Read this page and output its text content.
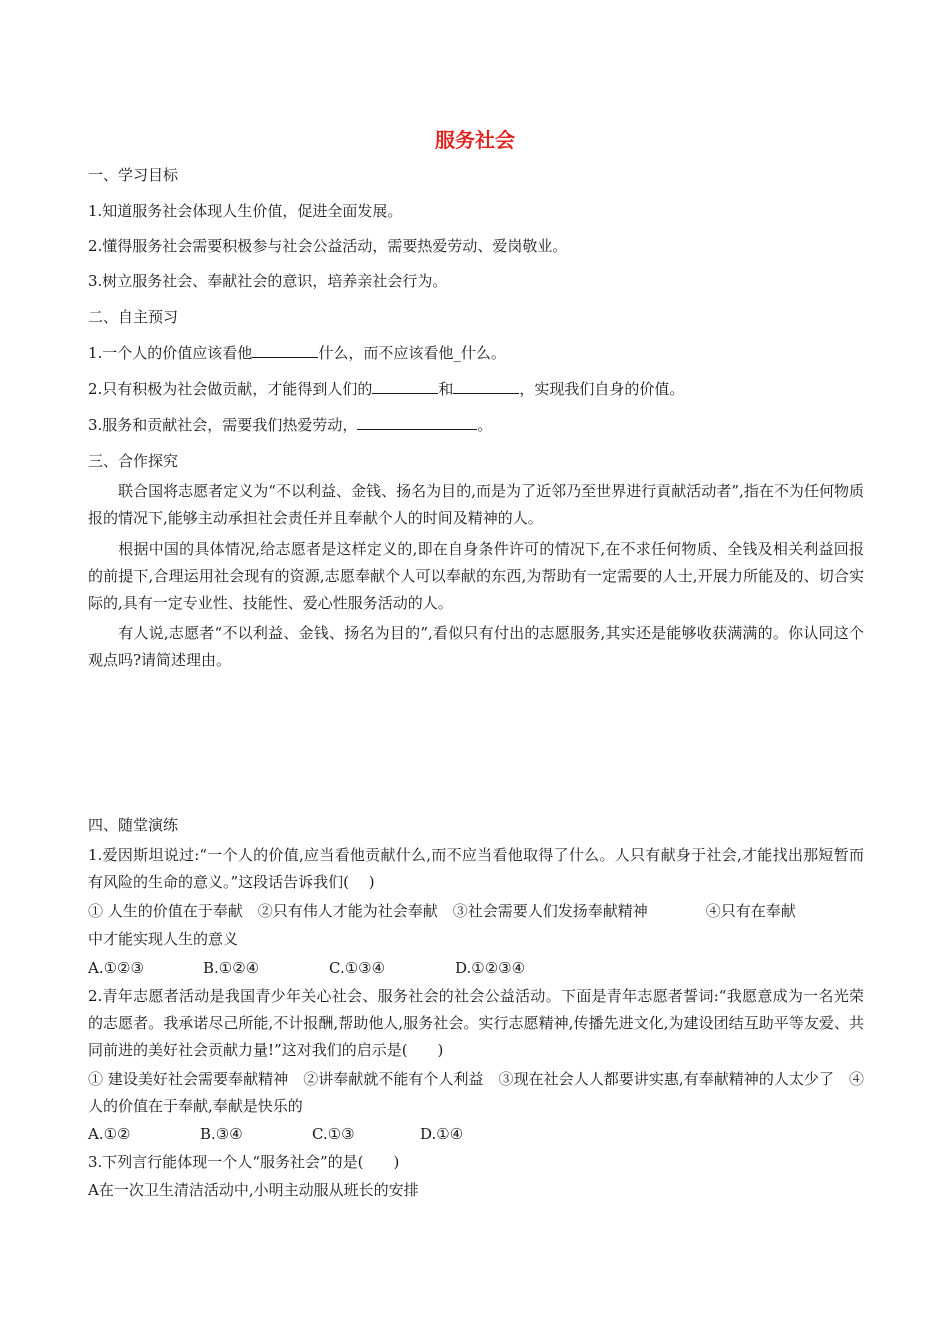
服务社会
一、学习目标
1.知道服务社会体现人生价值，促进全面发展。
2.懂得服务社会需要积极参与社会公益活动，需要热爱劳动、爱岗敬业。
3.树立服务社会、奉献社会的意识，培养亲社会行为。
二、自主预习
1.一个人的价值应该看他	什么，而不应该看他_什么。
2.只有积极为社会做贡献，才能得到人们的	和	，实现我们自身的价值。
3.服务和贡献社会，需要我们热爱劳动，	。
三、合作探究
联合国将志愿者定义为“不以利益、金钱、扬名为目的,而是为了近邻乃至世界进行貢献活动者”,指在不为任何物质报的情况下,能够主动承担社会责任并且奉献个人的时间及精神的人。
根据中国的具体情况,给志愿者是这样定义的,即在自身条件许可的情况下,在不求任何物质、全钱及相关利益回报的前提下,合理运用社会现有的资源,志愿奉献个人可以奉献的东西,为帮助有一定需要的人士,开展力所能及的、切合实际的,具有一定专业性、技能性、爱心性服务活动的人。
有人说,志愿者“不以利益、金钱、扬名为目的”,看似只有付出的志愿服务,其实还是能够收获满满的。你认同这个观点吗?请简述理由。
四、随堂演练
1.爱因斯坦说过:“一个人的价值,应当看他贡献什么,而不应当看他取得了什么。人只有献身于社会,才能找出那短暂而有风险的生命的意义。”这段话告诉我们(　 )
① 人生的价值在于奉献　②只有伟人才能为社会奉献　③社会需要人们发扬奉献精神	④只有在奉献
中才能实现人生的意义
A.①②③	B.①②④	C.①③④	D.①②③④
2.青年志愿者活动是我国青少年关心社会、服务社会的社会公益活动。下面是青年志愿者誓词:“我愿意成为一名光荣的志愿者。我承诺尽己所能,不计报酬,帮助他人,服务社会。实行志愿精神,传播先进文化,为建设团结互助平等友爱、共同前进的美好社会贡献力量!”这对我们的启示是(　　)
① 建设美好社会需要奉献精神　②讲奉献就不能有个人利益　③现在社会人人都要讲实惠,有奉献精神的人太少了　④人的价值在于奉献,奉献是快乐的
A.①②	B.③④	C.①③	D.①④
3.下列言行能体现一个人“服务社会”的是(　　)
A在一次卫生清洁活动中,小明主动服从班长的安排
